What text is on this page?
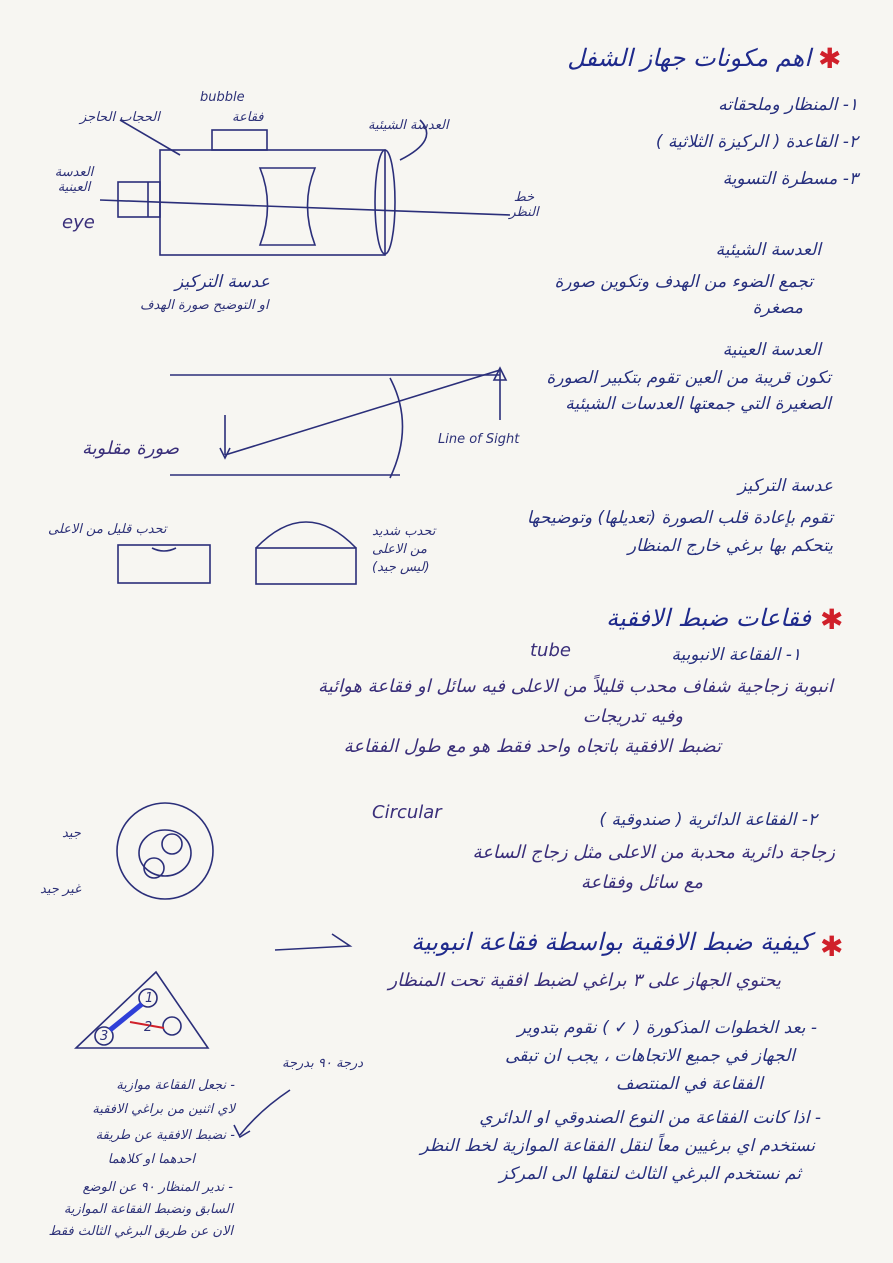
✱
اهم مكونات جهاز الشفل
١- المنظار وملحقاته
٢- القاعدة ( الركيزة الثلاثية )
٣- مسطرة التسوية
bubble
فقاعة
الحجاب الحاجز
العدسة العينية
eye
العدسة الشيئية
خط النظر
عدسة التركيز
او التوضيح صورة الهدف
العدسة الشيئية
تجمع الضوء من الهدف وتكوين صورة
مصغرة
العدسة العينية
تكون قريبة من العين تقوم بتكبير الصورة
الصغيرة التي جمعتها العدسات الشيئية
صورة مقلوبة	Line of Sight
عدسة التركيز
تقوم بإعادة قلب الصورة (تعديلها) وتوضيحها
يتحكم بها برغي خارج المنظار
تحدب قليل من الاعلى	تحدب شديد
من الاعلى
(ليس جيد)
✱
فقاعات ضبط الافقية
١- الفقاعة الانبوبية
tube
انبوبة زجاجية شفاف محدب قليلاً من الاعلى فيه سائل او فقاعة هوائية
وفيه تدريجات
تضبط الافقية باتجاه واحد فقط هو مع طول الفقاعة
٢- الفقاعة الدائرية ( صندوقية )
Circular
زجاجة دائرية محدبة من الاعلى مثل زجاج الساعة
مع سائل وفقاعة
جيد
غير جيد
✱
كيفية ضبط الافقية بواسطة فقاعة انبوبية
يحتوي الجهاز على ٣ براغي لضبط افقية تحت المنظار
- بعد الخطوات المذكورة ( ✓ ) نقوم بتدوير
الجهاز في جميع الاتجاهات ، يجب ان تبقى
الفقاعة في المنتصف
- اذا كانت الفقاعة من النوع الصندوقي او الدائري
نستخدم اي برغيين معاً لنقل الفقاعة الموازية لخط النظر
ثم نستخدم البرغي الثالث لنقلها الى المركز
1
2
3
درجة ٩٠ بدرجة
- نجعل الفقاعة موازية
لاي اثنين من براغي الافقية
- نضبط الافقية عن طريقة
احدهما او كلاهما
- ندير المنظار ٩٠ عن الوضع
السابق ونضبط الفقاعة الموازية
الان عن طريق البرغي الثالث فقط
